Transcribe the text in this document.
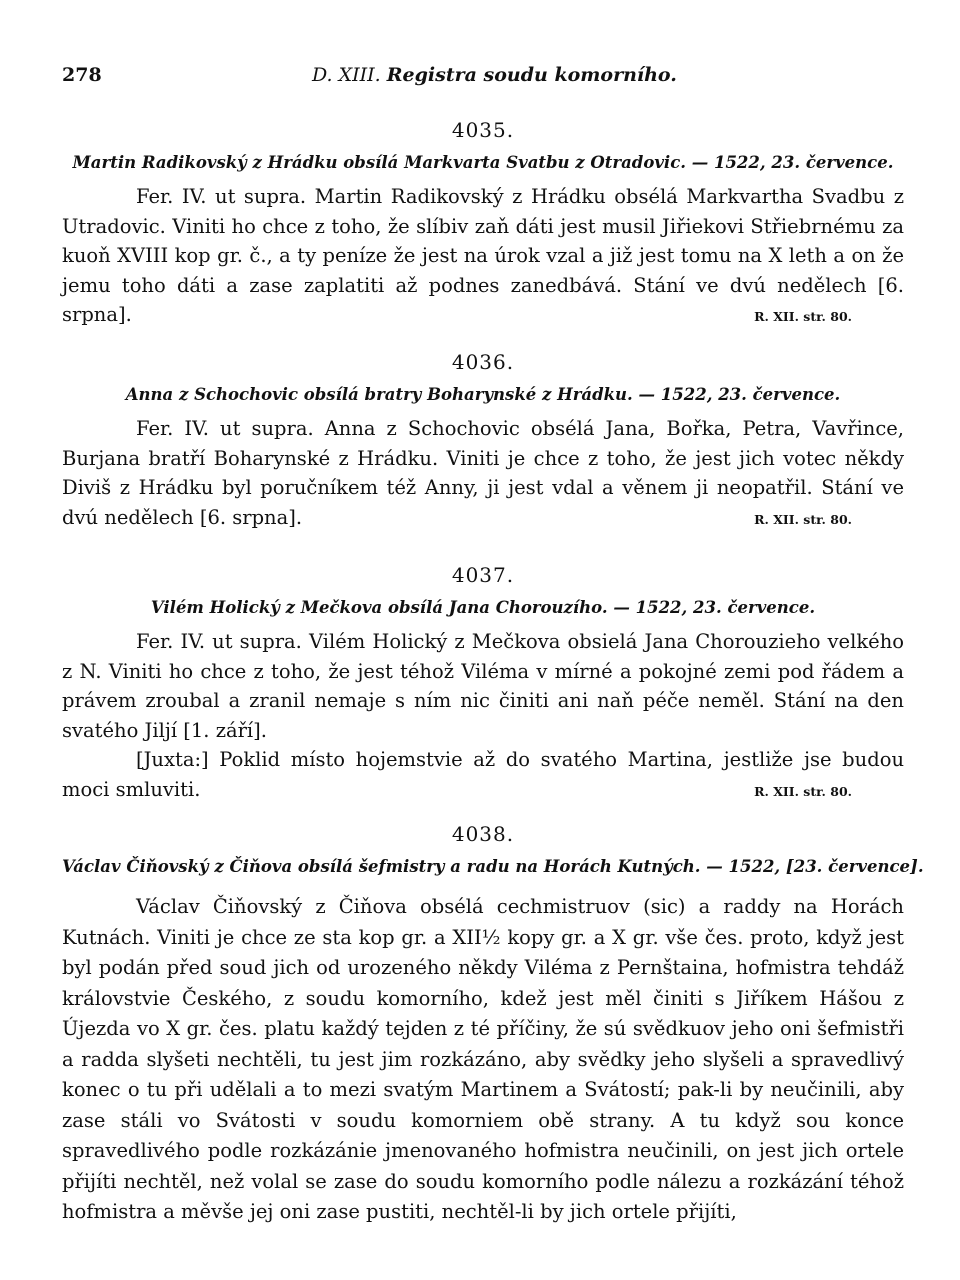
278	D. XIII. Registra soudu komorního.
4035.
Martin Radikovský z Hrádku obsílá Markvarta Svatbu z Otradovic. — 1522, 23. července.

Fer. IV. ut supra. Martin Radikovský z Hrádku obsélá Markvartha Svadbu z Utradovic. Viniti ho chce z toho, že slíbiv zaň dáti jest musil Jiřiekovi Střiebrnému za kuoň XVIII kop gr. č., a ty peníze že jest na úrok vzal a již jest tomu na X leth a on že jemu toho dáti a zase zaplatiti až podnes zanedbává. Stání ve dvú nedělech [6. srpna].	R. XII. str. 80.

4036.
Anna z Schochovic obsílá bratry Boharynské z Hrádku. — 1522, 23. července.

Fer. IV. ut supra. Anna z Schochovic obsélá Jana, Bořka, Petra, Vavřince, Burjana bratří Boharynské z Hrádku. Viniti je chce z toho, že jest jich votec někdy Diviš z Hrádku byl poručníkem též Anny, ji jest vdal a věnem ji neopatřil. Stání ve dvú nedělech [6. srpna].	R. XII. str. 80.

4037.
Vilém Holický z Mečkova obsílá Jana Chorouzího. — 1522, 23. července.

Fer. IV. ut supra. Vilém Holický z Mečkova obsielá Jana Chorouzieho velkého z N. Viniti ho chce z toho, že jest téhož Viléma v mírné a pokojné zemi pod řádem a právem zroubal a zranil nemaje s ním nic činiti ani naň péče neměl. Stání na den svatého Jiljí [1. září].

[Juxta:] Poklid místo hojemstvie až do svatého Martina, jestliže jse budou moci smluviti.	R. XII. str. 80.

4038.
Václav Čiňovský z Čiňova obsílá šefmistry a radu na Horách Kutných. — 1522, [23. července].

Václav Čiňovský z Čiňova obsélá cechmistruov (sic) a raddy na Horách Kutnách. Viniti je chce ze sta kop gr. a XII½ kopy gr. a X gr. vše čes. proto, když jest byl podán před soud jich od urozeného někdy Viléma z Pernštaina, hofmistra tehdáž královstvie Českého, z soudu komorního, kdež jest měl činiti s Jiříkem Hášou z Újezda vo X gr. čes. platu každý tejden z té příčiny, že sú svědkuov jeho oni šefmistři a radda slyšeti nechtěli, tu jest jim rozkázáno, aby svědky jeho slyšeli a spravedlivý konec o tu při udělali a to mezi svatým Martinem a Svátostí; pak-li by neučinili, aby zase stáli vo Svátosti v soudu komorniem obě strany. A tu když sou konce spravedlivého podle rozkázánie jmenovaného hofmistra neučinili, on jest jich ortele přijíti nechtěl, než volal se zase do soudu komorního podle nálezu a rozkázání téhož hofmistra a měvše jej oni zase pustiti, nechtěl-li by jich ortele přijíti,
